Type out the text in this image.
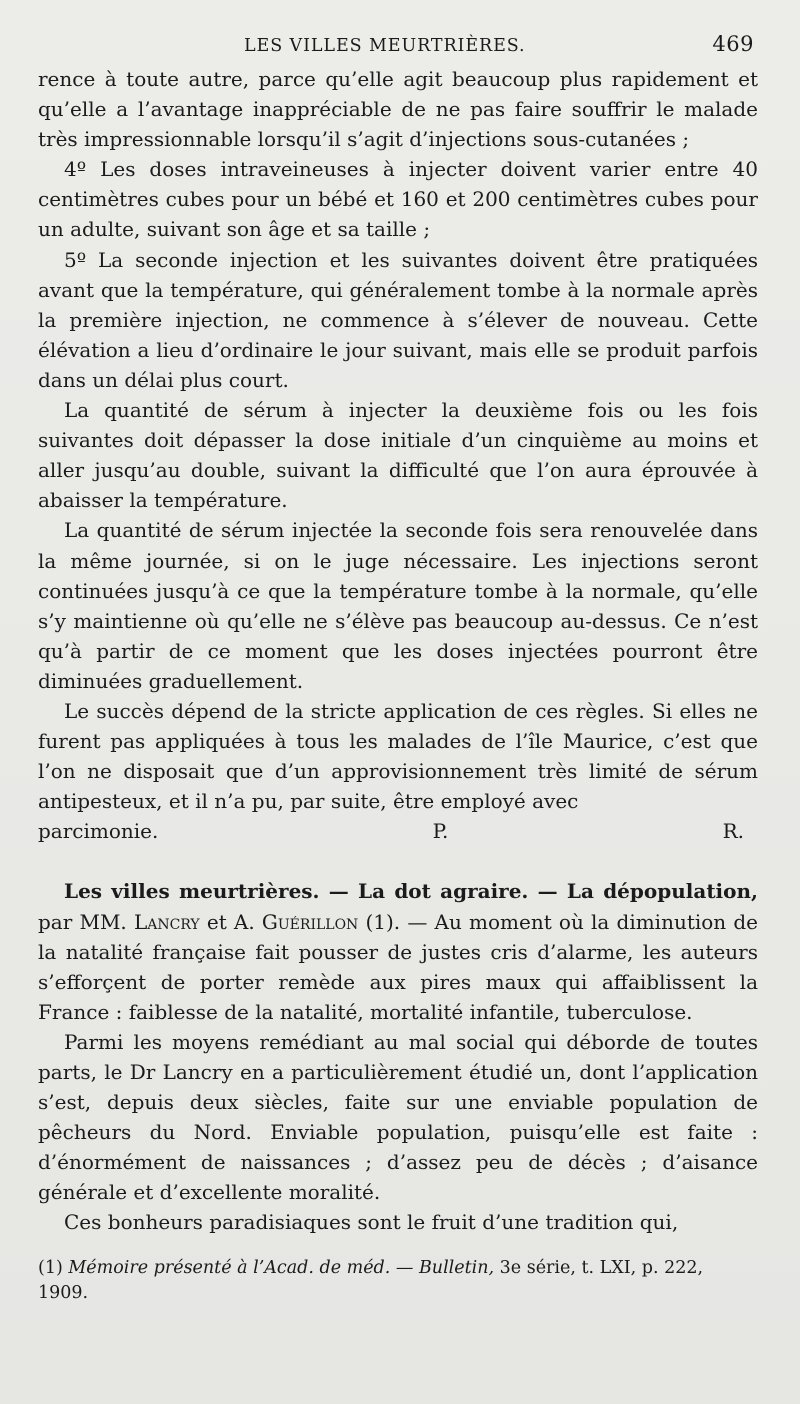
LES VILLES MEURTRIÈRES.	469

rence à toute autre, parce qu’elle agit beaucoup plus rapidement et qu’elle a l’avantage inappréciable de ne pas faire souffrir le malade très impressionnable lorsqu’il s’agit d’injections sous-cutanées ;

4º Les doses intraveineuses à injecter doivent varier entre 40 centimètres cubes pour un bébé et 160 et 200 centimètres cubes pour un adulte, suivant son âge et sa taille ;

5º La seconde injection et les suivantes doivent être pratiquées avant que la température, qui généralement tombe à la normale après la première injection, ne commence à s’élever de nouveau. Cette élévation a lieu d’ordinaire le jour suivant, mais elle se produit parfois dans un délai plus court.

La quantité de sérum à injecter la deuxième fois ou les fois suivantes doit dépasser la dose initiale d’un cinquième au moins et aller jusqu’au double, suivant la difficulté que l’on aura éprouvée à abaisser la température.

La quantité de sérum injectée la seconde fois sera renouvelée dans la même journée, si on le juge nécessaire. Les injections seront continuées jusqu’à ce que la température tombe à la normale, qu’elle s’y maintienne où qu’elle ne s’élève pas beaucoup au-dessus. Ce n’est qu’à partir de ce moment que les doses injectées pourront être diminuées graduellement.

Le succès dépend de la stricte application de ces règles. Si elles ne furent pas appliquées à tous les malades de l’île Maurice, c’est que l’on ne disposait que d’un approvisionnement très limité de sérum antipesteux, et il n’a pu, par suite, être employé avec

parcimonie.	P. R.

Les villes meurtrières. — La dot agraire. — La dépopulation, par MM. Lancry et A. Guérillon (1). — Au moment où la diminution de la natalité française fait pousser de justes cris d’alarme, les auteurs s’efforçent de porter remède aux pires maux qui affaiblissent la France : faiblesse de la natalité, mortalité infantile, tuberculose.

Parmi les moyens remédiant au mal social qui déborde de toutes parts, le Dr Lancry en a particulièrement étudié un, dont l’application s’est, depuis deux siècles, faite sur une enviable population de pêcheurs du Nord. Enviable population, puisqu’elle est faite : d’énormément de naissances ; d’assez peu de décès ; d’aisance générale et d’excellente moralité.

Ces bonheurs paradisiaques sont le fruit d’une tradition qui,

(1) Mémoire présenté à l’Acad. de méd. — Bulletin, 3e série, t. LXI, p. 222, 1909.
